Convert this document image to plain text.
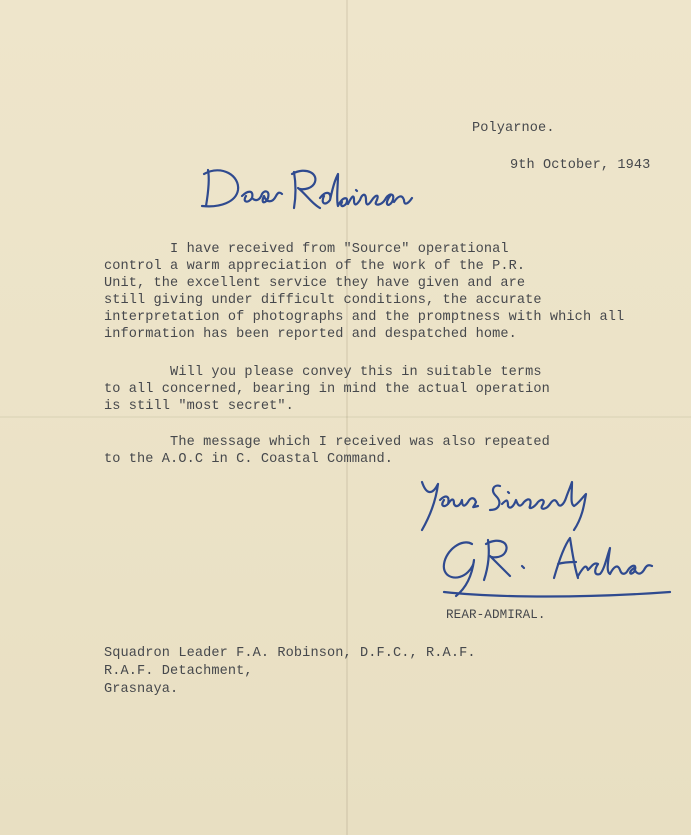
Polyarnoe.
9th October, 1943
I have received from "Source" operational
control a warm appreciation of the work of the P.R.
Unit, the excellent service they have given and are
still giving under difficult conditions, the accurate
interpretation of photographs and the promptness with which all
information has been reported and despatched home.
Will you please convey this in suitable terms
to all concerned, bearing in mind the actual operation
is still "most secret".
The message which I received was also repeated
to the A.O.C in C. Coastal Command.
REAR-ADMIRAL.
Squadron Leader F.A. Robinson, D.F.C., R.A.F.
R.A.F. Detachment,
Grasnaya.
